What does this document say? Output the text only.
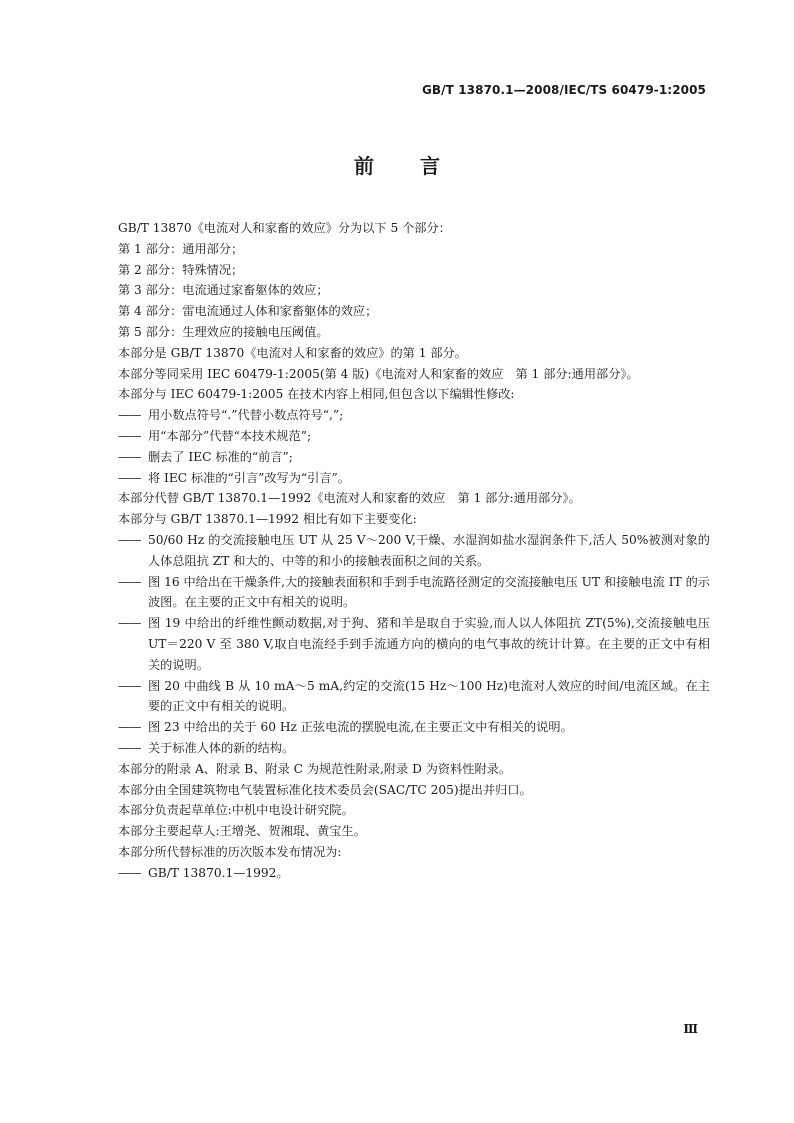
GB/T 13870.1—2008/IEC/TS 60479-1:2005
前言

GB/T 13870《电流对人和家畜的效应》分为以下 5 个部分：

第 1 部分：通用部分；

第 2 部分：特殊情况；

第 3 部分：电流通过家畜躯体的效应；

第 4 部分：雷电流通过人体和家畜躯体的效应；

第 5 部分：生理效应的接触电压阈值。

本部分是 GB/T 13870《电流对人和家畜的效应》的第 1 部分。

本部分等同采用 IEC 60479-1:2005(第 4 版)《电流对人和家畜的效应　第 1 部分:通用部分》。

本部分与 IEC 60479-1:2005 在技术内容上相同,但包含以下编辑性修改:

—— 用小数点符号“.”代替小数点符号“,”;
—— 用“本部分”代替“本技术规范”;
—— 删去了 IEC 标准的“前言”;
—— 将 IEC 标准的“引言”改写为“引言”。

本部分代替 GB/T 13870.1—1992《电流对人和家畜的效应　第 1 部分:通用部分》。

本部分与 GB/T 13870.1—1992 相比有如下主要变化:

—— 50/60 Hz 的交流接触电压 UT 从 25 V～200 V,干燥、水湿润如盐水湿润条件下,活人 50%被测对象的人体总阻抗 ZT 和大的、中等的和小的接触表面积之间的关系。
—— 图 16 中给出在干燥条件,大的接触表面积和手到手电流路径测定的交流接触电压 UT 和接触电流 IT 的示波图。在主要的正文中有相关的说明。
—— 图 19 中给出的纤维性颤动数据,对于狗、猪和羊是取自于实验,而人以人体阻抗 ZT(5%),交流接触电压 UT＝220 V 至 380 V,取自电流经手到手流通方向的横向的电气事故的统计计算。在主要的正文中有相关的说明。
—— 图 20 中曲线 B 从 10 mA～5 mA,约定的交流(15 Hz～100 Hz)电流对人效应的时间/电流区域。在主要的正文中有相关的说明。
—— 图 23 中给出的关于 60 Hz 正弦电流的摆脱电流,在主要正文中有相关的说明。
—— 关于标准人体的新的结构。

本部分的附录 A、附录 B、附录 C 为规范性附录,附录 D 为资料性附录。

本部分由全国建筑物电气装置标准化技术委员会(SAC/TC 205)提出并归口。

本部分负责起草单位:中机中电设计研究院。

本部分主要起草人:王增尧、贺湘琨、黄宝生。

本部分所代替标准的历次版本发布情况为:

—— GB/T 13870.1—1992。
Ⅲ
